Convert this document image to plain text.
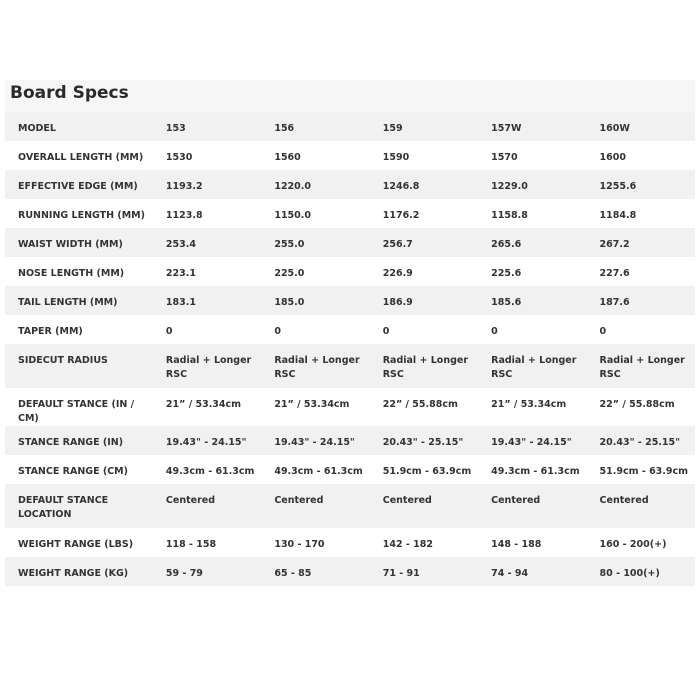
Board Specs
MODEL	153	156	159	157W	160W
OVERALL LENGTH (MM)	1530	1560	1590	1570	1600
EFFECTIVE EDGE (MM)	1193.2	1220.0	1246.8	1229.0	1255.6
RUNNING LENGTH (MM)	1123.8	1150.0	1176.2	1158.8	1184.8
WAIST WIDTH (MM)	253.4	255.0	256.7	265.6	267.2
NOSE LENGTH (MM)	223.1	225.0	226.9	225.6	227.6
TAIL LENGTH (MM)	183.1	185.0	186.9	185.6	187.6
TAPER (MM)	0	0	0	0	0
SIDECUT RADIUS	Radial + Longer RSC	Radial + Longer RSC	Radial + Longer RSC	Radial + Longer RSC	Radial + Longer RSC
DEFAULT STANCE (IN / CM)	21” / 53.34cm	21” / 53.34cm	22” / 55.88cm	21” / 53.34cm	22” / 55.88cm
STANCE RANGE (IN)	19.43" - 24.15"	19.43" - 24.15"	20.43" - 25.15"	19.43" - 24.15"	20.43" - 25.15"
STANCE RANGE (CM)	49.3cm - 61.3cm	49.3cm - 61.3cm	51.9cm - 63.9cm	49.3cm - 61.3cm	51.9cm - 63.9cm
DEFAULT STANCE LOCATION	Centered	Centered	Centered	Centered	Centered
WEIGHT RANGE (LBS)	118 - 158	130 - 170	142 - 182	148 - 188	160 - 200(+)
WEIGHT RANGE (KG)	59 - 79	65 - 85	71 - 91	74 - 94	80 - 100(+)
